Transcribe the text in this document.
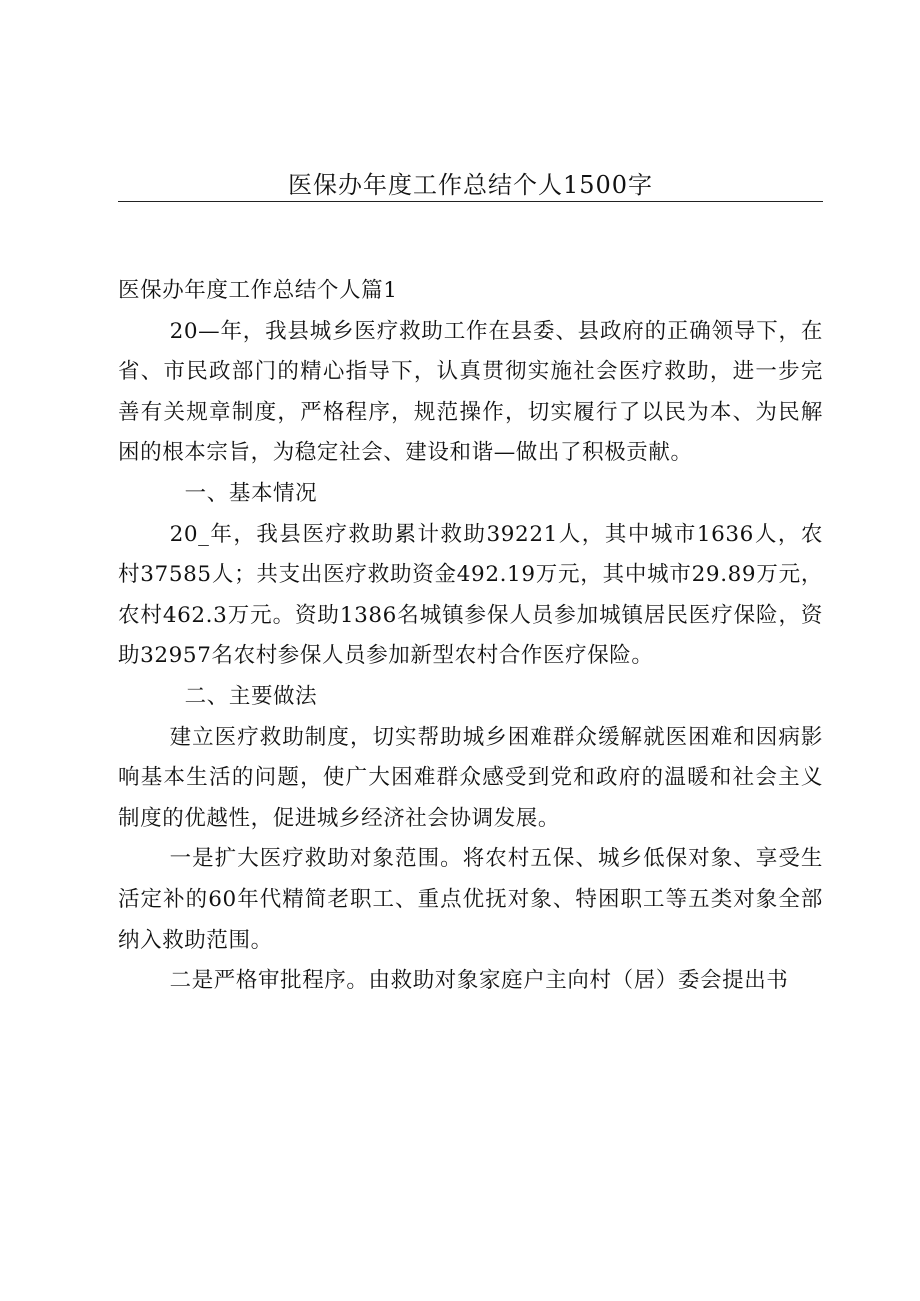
医保办年度工作总结个人1500字

医保办年度工作总结个人篇1

20—年，我县城乡医疗救助工作在县委、县政府的正确领导下，在省、市民政部门的精心指导下，认真贯彻实施社会医疗救助，进一步完善有关规章制度，严格程序，规范操作，切实履行了以民为本、为民解困的根本宗旨，为稳定社会、建设和谐—做出了积极贡献。

一、基本情况

20_年，我县医疗救助累计救助39221人，其中城市1636人，农村37585人；共支出医疗救助资金492.19万元，其中城市29.89万元，农村462.3万元。资助1386名城镇参保人员参加城镇居民医疗保险，资助32957名农村参保人员参加新型农村合作医疗保险。

二、主要做法

建立医疗救助制度，切实帮助城乡困难群众缓解就医困难和因病影响基本生活的问题，使广大困难群众感受到党和政府的温暖和社会主义制度的优越性，促进城乡经济社会协调发展。

一是扩大医疗救助对象范围。将农村五保、城乡低保对象、享受生活定补的60年代精简老职工、重点优抚对象、特困职工等五类对象全部纳入救助范围。

二是严格审批程序。由救助对象家庭户主向村（居）委会提出书
